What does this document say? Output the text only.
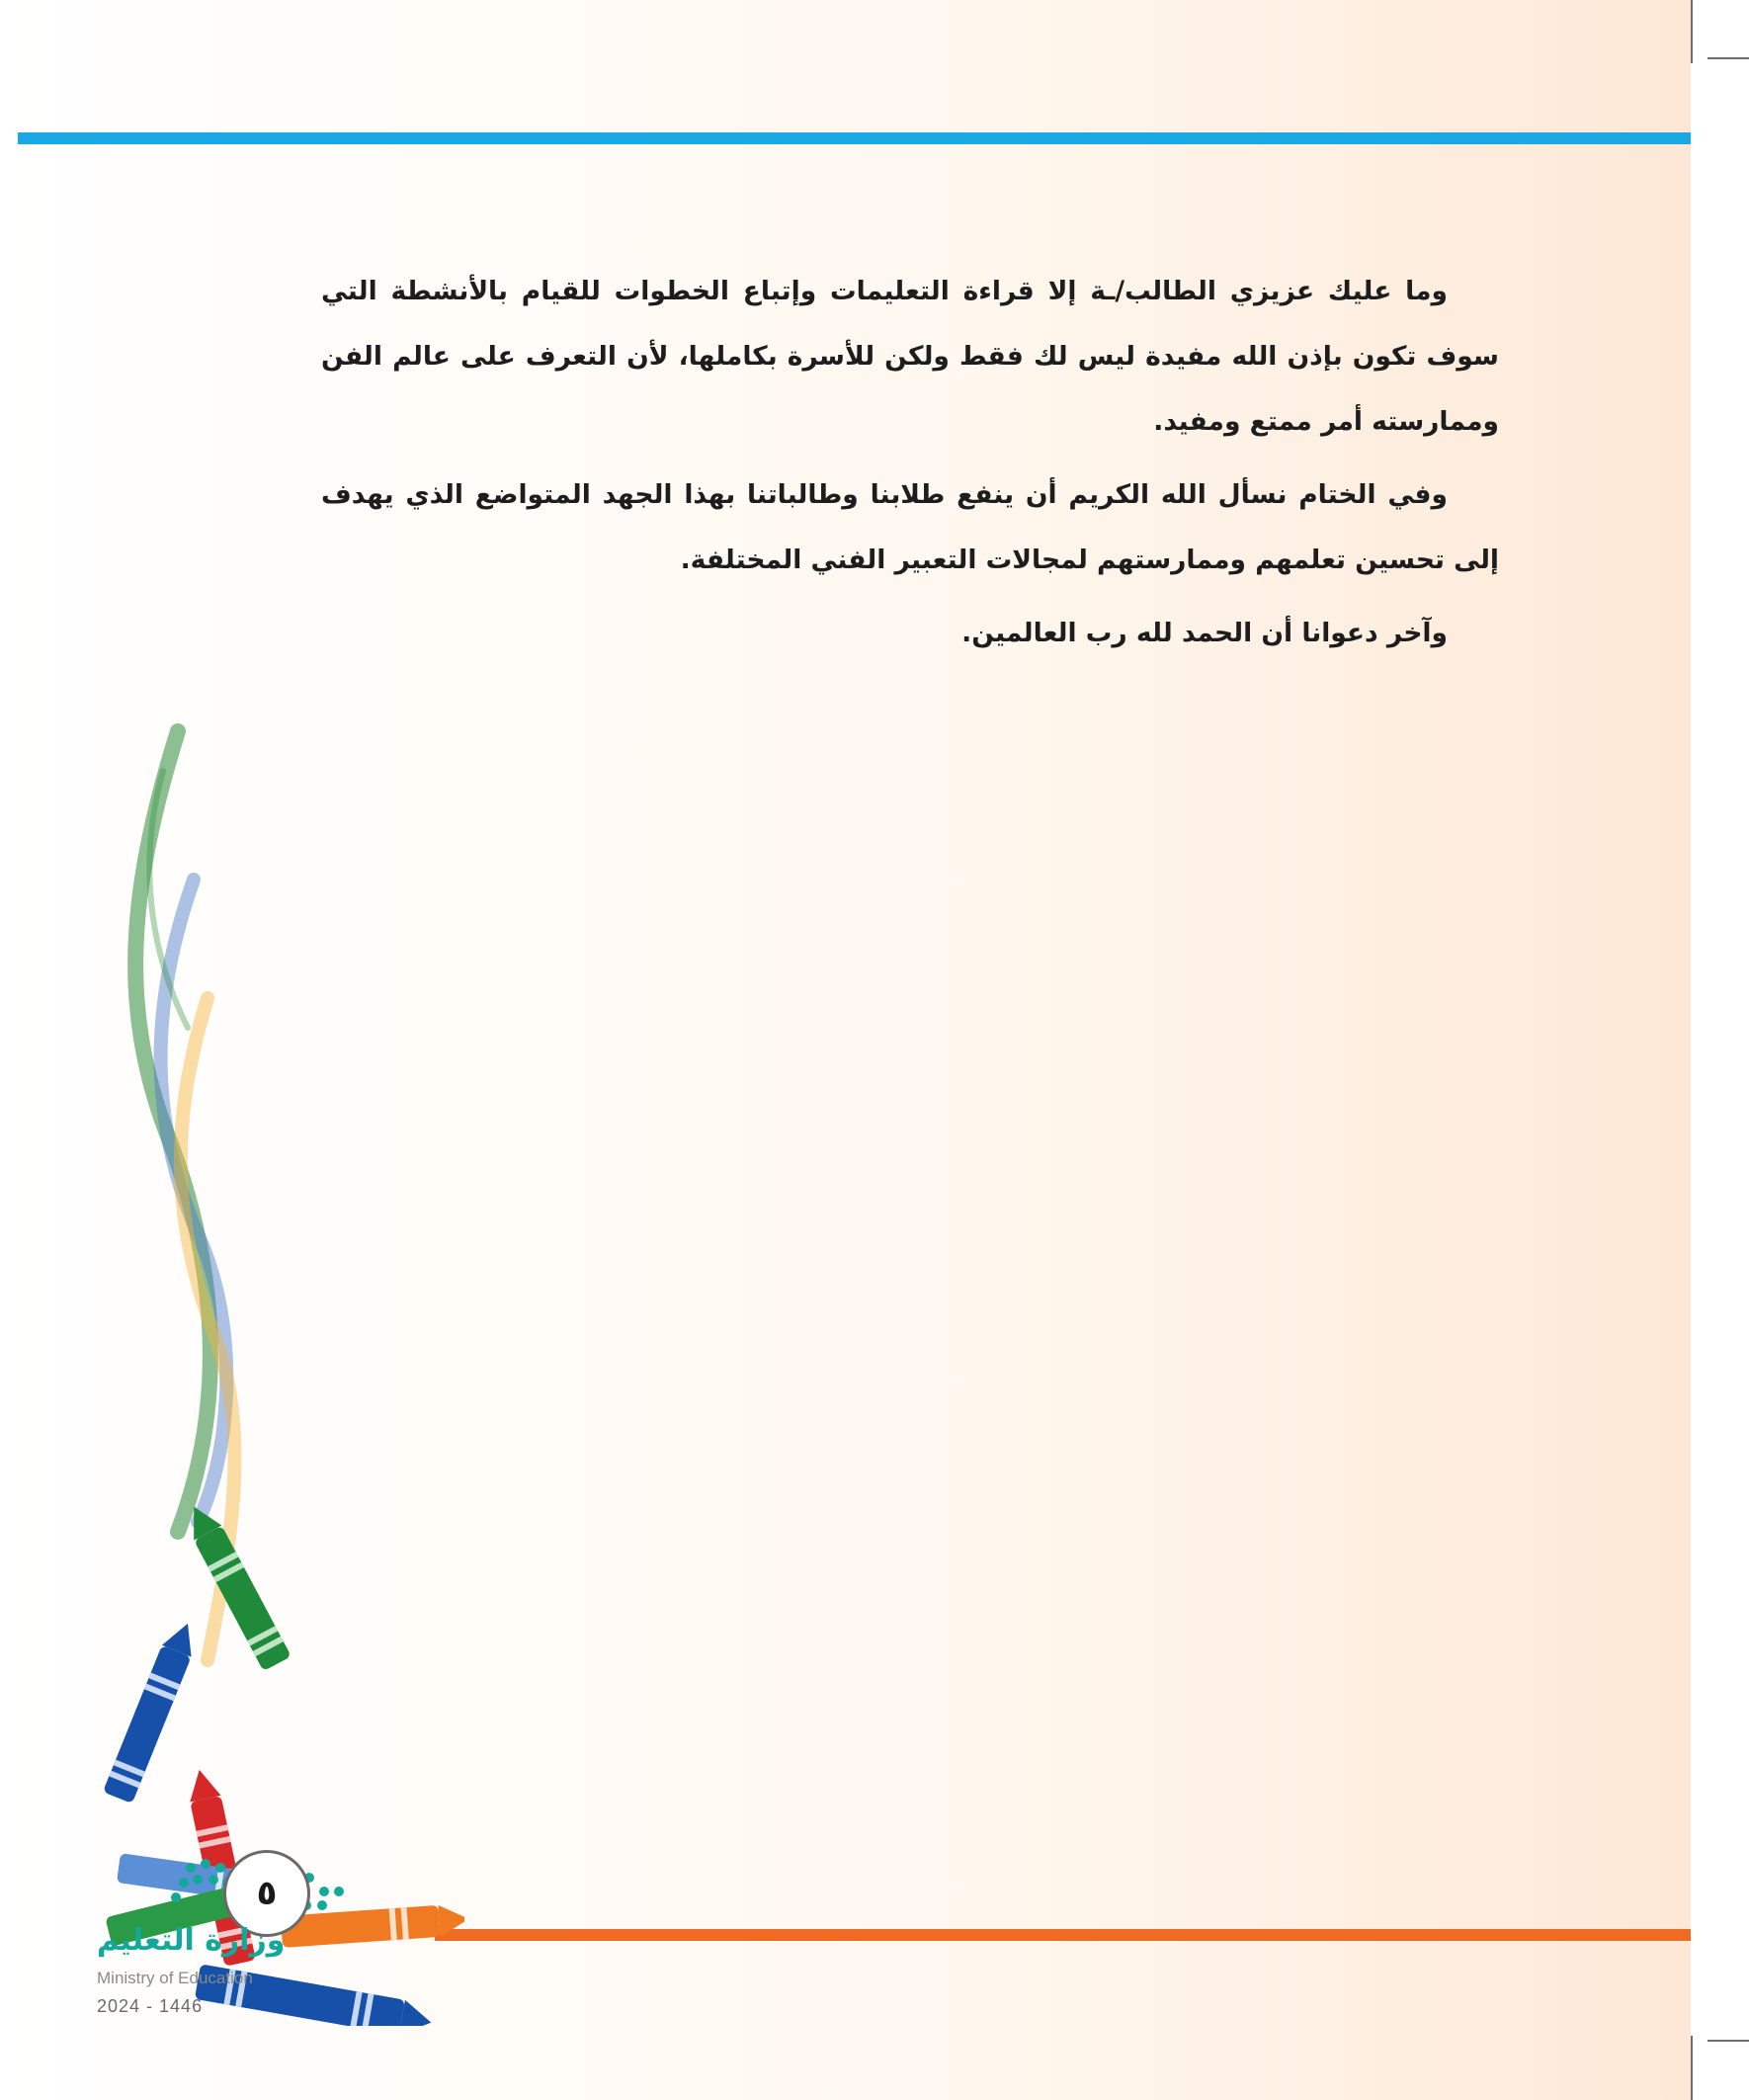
وما عليك عزيزي الطالب/ـة إلا قراءة التعليمات وإتباع الخطوات للقيام بالأنشطة التي سوف تكون بإذن الله مفيدة ليس لك فقط ولكن للأسرة بكاملها، لأن التعرف على عالم الفن وممارسته أمر ممتع ومفيد.

وفي الختام نسأل الله الكريم أن ينفع طلابنا وطالباتنا بهذا الجهد المتواضع الذي يهدف إلى تحسين تعلمهم وممارستهم لمجالات التعبير الفني المختلفة.

وآخر دعوانا أن الحمد لله رب العالمين.

٥
وزارة التعليم
Ministry of Education
2024 - 1446
